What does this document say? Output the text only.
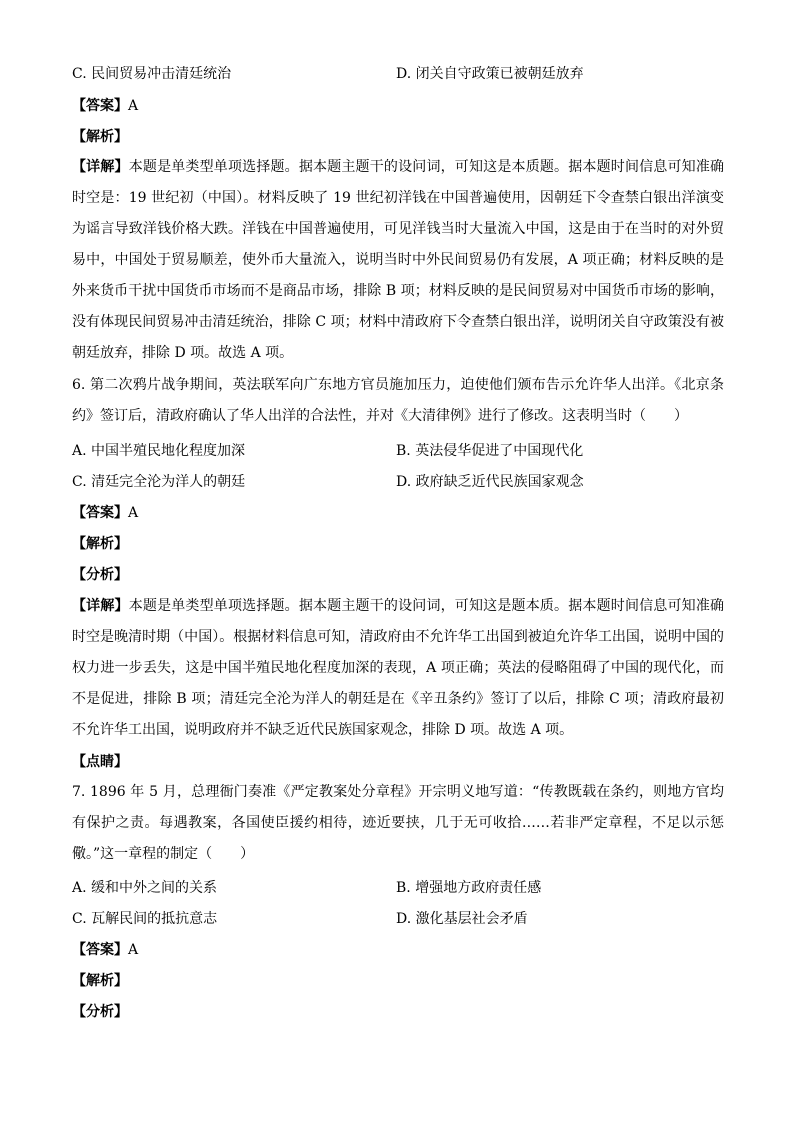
C. 民间贸易冲击清廷统治	D. 闭关自守政策已被朝廷放弃
【答案】A
【解析】
【详解】本题是单类型单项选择题。据本题主题干的设问词，可知这是本质题。据本题时间信息可知准确时空是：19 世纪初（中国）。材料反映了 19 世纪初洋钱在中国普遍使用，因朝廷下令查禁白银出洋演变为谣言导致洋钱价格大跌。洋钱在中国普遍使用，可见洋钱当时大量流入中国，这是由于在当时的对外贸易中，中国处于贸易顺差，使外币大量流入，说明当时中外民间贸易仍有发展，A 项正确；材料反映的是外来货币干扰中国货币市场而不是商品市场，排除 B 项；材料反映的是民间贸易对中国货币市场的影响，没有体现民间贸易冲击清廷统治，排除 C 项；材料中清政府下令查禁白银出洋，说明闭关自守政策没有被朝廷放弃，排除 D 项。故选 A 项。
6. 第二次鸦片战争期间，英法联军向广东地方官员施加压力，迫使他们颁布告示允许华人出洋。《北京条约》签订后，清政府确认了华人出洋的合法性，并对《大清律例》进行了修改。这表明当时（　　）
A. 中国半殖民地化程度加深	B. 英法侵华促进了中国现代化
C. 清廷完全沦为洋人的朝廷	D. 政府缺乏近代民族国家观念
【答案】A
【解析】
【分析】
【详解】本题是单类型单项选择题。据本题主题干的设问词，可知这是题本质。据本题时间信息可知准确时空是晚清时期（中国）。根据材料信息可知，清政府由不允许华工出国到被迫允许华工出国，说明中国的权力进一步丢失，这是中国半殖民地化程度加深的表现，A 项正确；英法的侵略阻碍了中国的现代化，而不是促进，排除 B 项；清廷完全沦为洋人的朝廷是在《辛丑条约》签订了以后，排除 C 项；清政府最初不允许华工出国，说明政府并不缺乏近代民族国家观念，排除 D 项。故选 A 项。
【点睛】
7. 1896 年 5 月，总理衙门奏准《严定教案处分章程》开宗明义地写道：“传教既载在条约，则地方官均有保护之责。每遇教案，各国使臣援约相待，迹近要挟，几于无可收拾……若非严定章程，不足以示惩儆。”这一章程的制定（　　）
A. 缓和中外之间的关系	B. 增强地方政府责任感
C. 瓦解民间的抵抗意志	D. 激化基层社会矛盾
【答案】A
【解析】
【分析】
